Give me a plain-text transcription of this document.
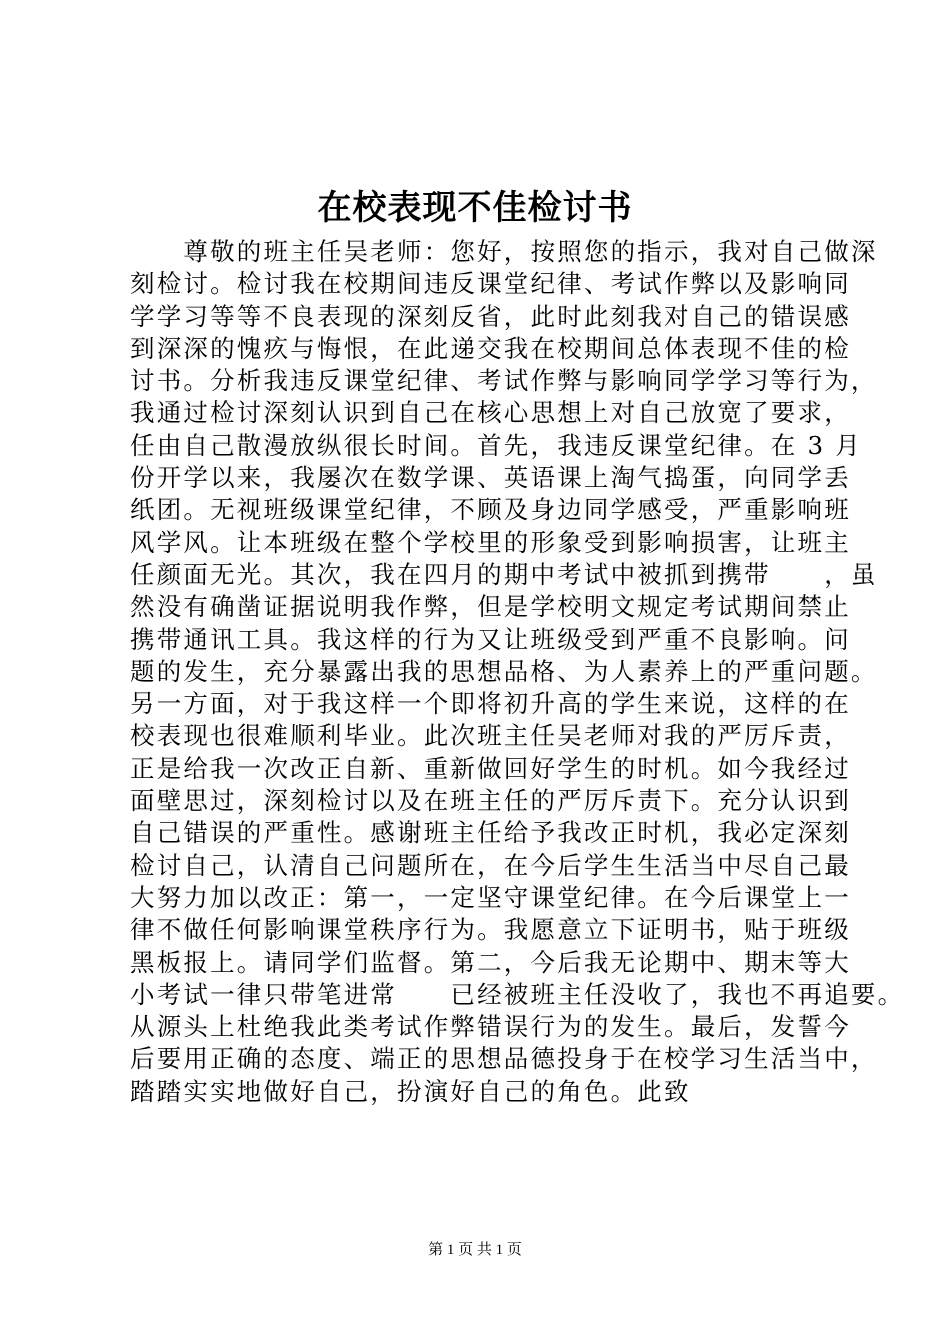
在校表现不佳检讨书
　　尊敬的班主任吴老师：您好，按照您的指示，我对自己做深
刻检讨。检讨我在校期间违反课堂纪律、考试作弊以及影响同
学学习等等不良表现的深刻反省，此时此刻我对自己的错误感
到深深的愧疚与悔恨，在此递交我在校期间总体表现不佳的检
讨书。分析我违反课堂纪律、考试作弊与影响同学学习等行为，
我通过检讨深刻认识到自己在核心思想上对自己放宽了要求，
任由自己散漫放纵很长时间。首先，我违反课堂纪律。在 3 月
份开学以来，我屡次在数学课、英语课上淘气捣蛋，向同学丢
纸团。无视班级课堂纪律，不顾及身边同学感受，严重影响班
风学风。让本班级在整个学校里的形象受到影响损害，让班主
任颜面无光。其次，我在四月的期中考试中被抓到携带　　，虽
然没有确凿证据说明我作弊，但是学校明文规定考试期间禁止
携带通讯工具。我这样的行为又让班级受到严重不良影响。问
题的发生，充分暴露出我的思想品格、为人素养上的严重问题。
另一方面，对于我这样一个即将初升高的学生来说，这样的在
校表现也很难顺利毕业。此次班主任吴老师对我的严厉斥责，
正是给我一次改正自新、重新做回好学生的时机。如今我经过
面壁思过，深刻检讨以及在班主任的严厉斥责下。充分认识到
自己错误的严重性。感谢班主任给予我改正时机，我必定深刻
检讨自己，认清自己问题所在，在今后学生生活当中尽自己最
大努力加以改正：第一，一定坚守课堂纪律。在今后课堂上一
律不做任何影响课堂秩序行为。我愿意立下证明书，贴于班级
黑板报上。请同学们监督。第二，今后我无论期中、期末等大
小考试一律只带笔进常　　已经被班主任没收了，我也不再追要。
从源头上杜绝我此类考试作弊错误行为的发生。最后，发誓今
后要用正确的态度、端正的思想品德投身于在校学习生活当中，
踏踏实实地做好自己，扮演好自己的角色。此致
第 1 页 共 1 页
